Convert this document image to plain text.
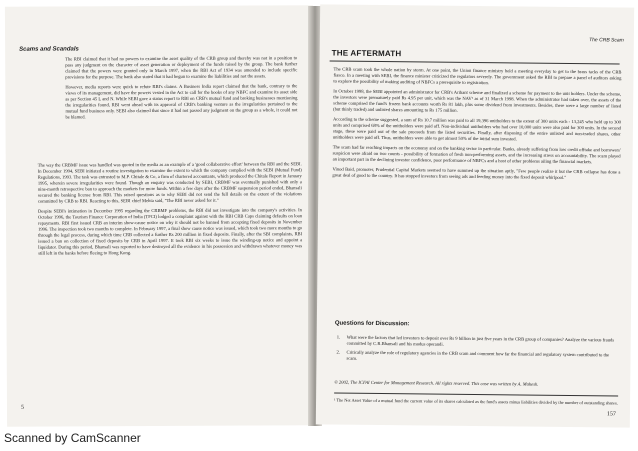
Scams and Scandals

The RBI claimed that it had no powers to examine the asset quality of the CRB group and thereby was not in a position to pass any judgment on the character of asset generation or deployment of the funds raised by the group. The bank further claimed that the powers were granted only in March 1997, when the RBI Act of 1934 was amended to include specific provisions for the purpose. The bank also stated that it had begun to examine the liabilities and not the assets.

However, media reports were quick to refute RBI's claims. A Business India report claimed that the bank, contrary to the views of its management, did have the powers vested in the Act to call for the books of any NBFC and examine its asset side as per Section 45 L and N. While SEBI gave a status report to RBI on CRB's mutual fund and broking businesses mentioning the irregularities found, RBI went ahead with its approval of CRB's banking venture as the irregularities pertained to the mutual fund business only. SEBI also claimed that since it had not passed any judgment on the group as a whole, it could not be blamed.

The way the CRBMF issue was handled was quoted in the media as an example of a 'good collaborative effort' between the RBI and the SEBI. In December 1994, SEBI initiated a routine investigation to examine the extent to which the company complied with the SEBI (Mutual Fund) Regulations, 1993. The task was entrusted to M.P. Chitale & Co, a firm of chartered accountants, which produced the Chitale Report in January 1995, wherein severe irregularities were found. Though an enquiry was conducted by SEBI, CRBMF was eventually punished with only a nine-month retrospective ban to approach the markets for more funds. Within a few days after the CRBMF suspension period ended, Bhansali secured the banking license from RBI. This raised questions as to why SEBI did not send the full details on the extent of the violations committed by CRB to RBI. Reacting to this, SEBI chief Mehta said, "The RBI never asked for it."

Despite SEBI's intimation in December 1995 regarding the CRBMF problems, the RBI did not investigate into the company's activities. In October 1996, the Tourism Finance Corporation of India (TFCI) lodged a complaint against with the RBI CRB Caps claiming defaults on loan repayments. RBI first issued CRB an interim show-cause notice on why it should not be banned from accepting fixed deposits in November 1996. The inspection took two months to complete. In February 1997, a final show cause notice was issued, which took two more months to go through the legal process, during which time CRB collected a further Rs 200 million in fixed deposits. Finally, after the SBI complaints, RBI issued a ban on collection of fixed deposits by CRB in April 1997. It took RBI six weeks to issue the winding-up notice and appoint a liquidator. During this period, Bhansali was reported to have destroyed all the evidence in his possession and withdrawn whatever money was still left in the banks before fleeing to Hong Kong.

5
The CRB Scam
THE AFTERMATH

The CRB scam took the whole nation by storm. At one point, the Union finance ministry held a meeting everyday to get to the brass tacks of the CRB fiasco. In a meeting with SEBI, the finance minister criticized the regulators severely. The government asked the RBI to prepare a panel of auditors asking to explore the possibility of making auditing of NBFCs a prerequisite to registration.

In October 1998, the SEBI appointed an administrator for CRB's Arihant scheme and finalized a scheme for payment to the unit holders. Under the scheme, the investors were prematurely paid Rs 4.95 per unit, which was the NAV¹ as of 31 March 1998. When the administrator had taken over, the assets of the scheme comprised the fund's frozen bank accounts worth Rs 81 lakh, plus some dividend from investments. Besides, there were a large number of listed (but thinly traded) and unlisted shares amounting to Rs 175 million.

According to the scheme suggested, a sum of Rs 10.7 million was paid to all 19,396 unitholders to the extent of 300 units each - 13,245 who held up to 300 units and comprised 68% of the unitholders were paid off. Non-individual unitholders who had over 10,000 units were also paid for 300 units. In the second stage, these were paid out of the sale proceeds from the listed securities. Finally, after disposing of the entire unlisted and non-traded shares, other unitholders were paid off. Thus, unitholders were able to get almost 50% of the initial sum invested.

The scam had far reaching impacts on the economy and on the banking sector in particular. Banks, already suffering from low credit offtake and borrowers' suspicion were afraid on two counts - possibility of formation of fresh non-performing assets, and the increasing stress on accountability. The scam played an important part in the declining investor confidence, poor performance of NBFCs and a host of other problems ailing the financial markets.

Vinod Baid, promoter, Prudential Capital Markets seemed to have summed up the situation aptly, "Few people realize it but the CRB collapse has done a great deal of good to the country. It has stopped investors from seeing ads and feeding money into the fixed deposit whirlpool."

Questions for Discussion:
1.	What were the factors that led investors to deposit over Rs 9 billion in just five years in the CRB group of companies? Analyze the various frauds committed by C.R.Bhansali and his modus operandi.
2.	Critically analyze the role of regulatory agencies in the CRB scam and comment how far the financial and regulatory system contributed to the scam.
© 2002, The ICFAI Center for Management Research. All rights reserved. This case was written by A. Mahesh.
¹ The Net Asset Value of a mutual fund the current value of its shares calculated as the fund's assets minus liabilities divided by the number of outstanding shares.
157
Scanned by CamScanner
